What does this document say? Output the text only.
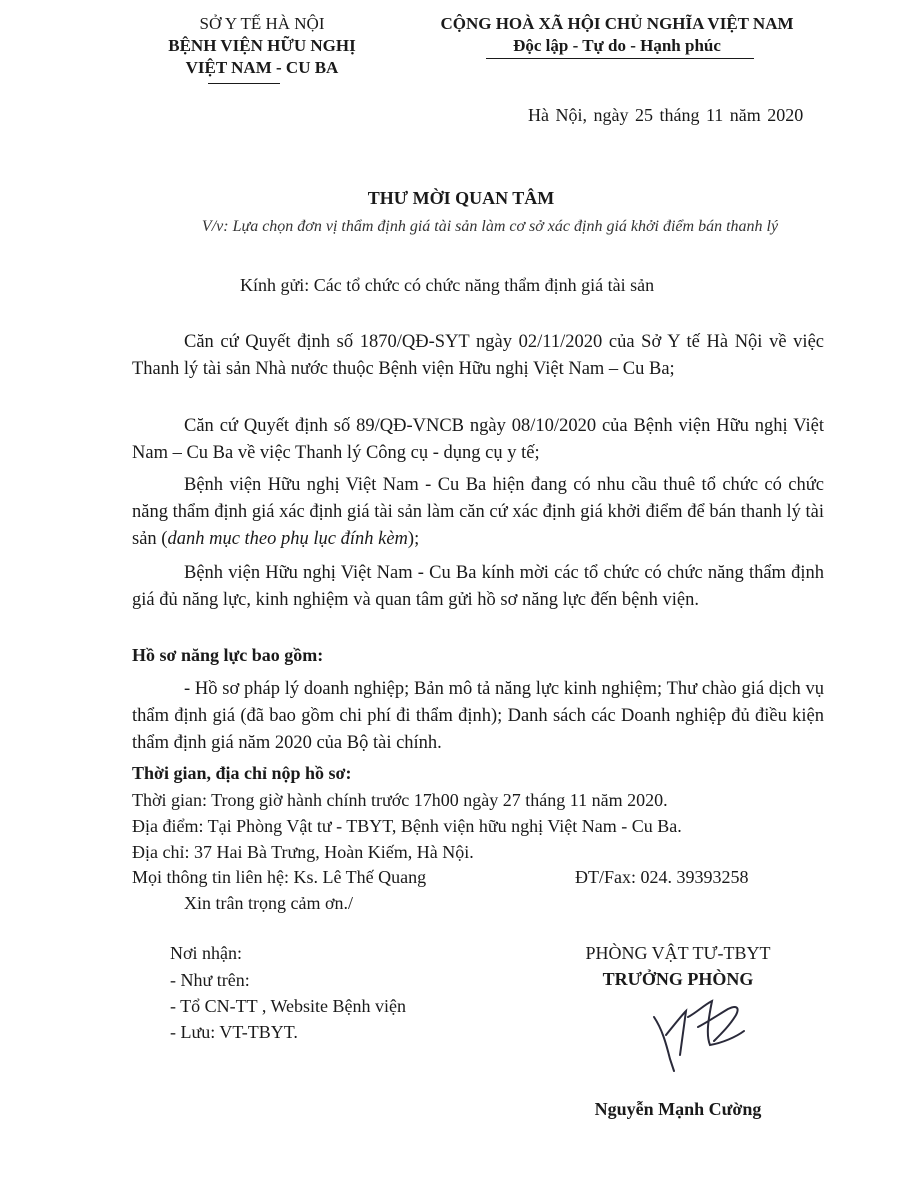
SỞ Y TẾ HÀ NỘI
BỆNH VIỆN HỮU NGHỊ
VIỆT NAM - CU BA
CỘNG HOÀ XÃ HỘI CHỦ NGHĨA VIỆT NAM
Độc lập - Tự do - Hạnh phúc
Hà Nội, ngày 25 tháng 11 năm 2020
THƯ MỜI QUAN TÂM
V/v: Lựa chọn đơn vị thẩm định giá tài sản làm cơ sở xác định giá khởi điểm bán thanh lý
Kính gửi: Các tổ chức có chức năng thẩm định giá tài sản
Căn cứ Quyết định số 1870/QĐ-SYT ngày 02/11/2020 của Sở Y tế Hà Nội về việc Thanh lý tài sản Nhà nước thuộc Bệnh viện Hữu nghị Việt Nam – Cu Ba;
Căn cứ Quyết định số 89/QĐ-VNCB ngày 08/10/2020 của Bệnh viện Hữu nghị Việt Nam – Cu Ba về việc Thanh lý Công cụ - dụng cụ y tế;
Bệnh viện Hữu nghị Việt Nam - Cu Ba hiện đang có nhu cầu thuê tổ chức có chức năng thẩm định giá xác định giá tài sản làm căn cứ xác định giá khởi điểm để bán thanh lý tài sản (danh mục theo phụ lục đính kèm);
Bệnh viện Hữu nghị Việt Nam - Cu Ba kính mời các tổ chức có chức năng thẩm định giá đủ năng lực, kinh nghiệm và quan tâm gửi hồ sơ năng lực đến bệnh viện.
Hồ sơ năng lực bao gồm:
- Hồ sơ pháp lý doanh nghiệp; Bản mô tả năng lực kinh nghiệm; Thư chào giá dịch vụ thẩm định giá (đã bao gồm chi phí đi thẩm định); Danh sách các Doanh nghiệp đủ điều kiện thẩm định giá năm 2020 của Bộ tài chính.
Thời gian, địa chỉ nộp hồ sơ:
Thời gian: Trong giờ hành chính trước 17h00 ngày 27 tháng 11 năm 2020.
Địa điểm: Tại Phòng Vật tư - TBYT, Bệnh viện hữu nghị Việt Nam - Cu Ba.
Địa chỉ: 37 Hai Bà Trưng, Hoàn Kiếm, Hà Nội.
Mọi thông tin liên hệ: Ks. Lê Thế Quang	ĐT/Fax: 024. 39393258
Xin trân trọng cảm ơn./
Nơi nhận:
- Như trên:
- Tổ CN-TT , Website Bệnh viện
- Lưu: VT-TBYT.
PHÒNG VẬT TƯ-TBYT
TRƯỞNG PHÒNG
Nguyễn Mạnh Cường
